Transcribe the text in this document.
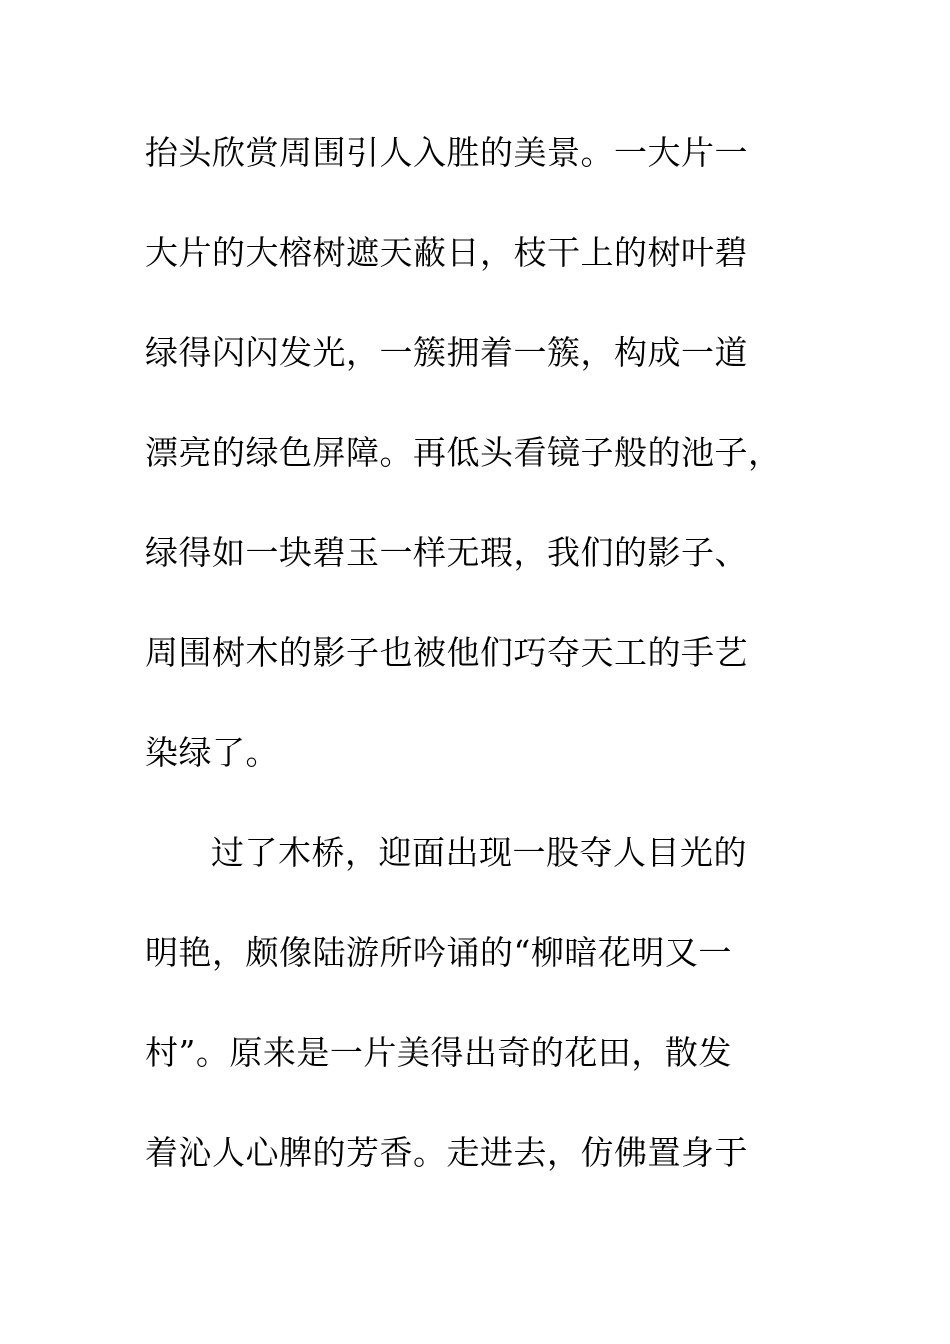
抬头欣赏周围引人入胜的美景。一大片一
大片的大榕树遮天蔽日，枝干上的树叶碧
绿得闪闪发光，一簇拥着一簇，构成一道
漂亮的绿色屏障。再低头看镜子般的池子，
绿得如一块碧玉一样无瑕，我们的影子、
周围树木的影子也被他们巧夺天工的手艺
染绿了。
过了木桥，迎面出现一股夺人目光的
明艳，颇像陆游所吟诵的“柳暗花明又一
村”。原来是一片美得出奇的花田，散发
着沁人心脾的芳香。走进去，仿佛置身于
